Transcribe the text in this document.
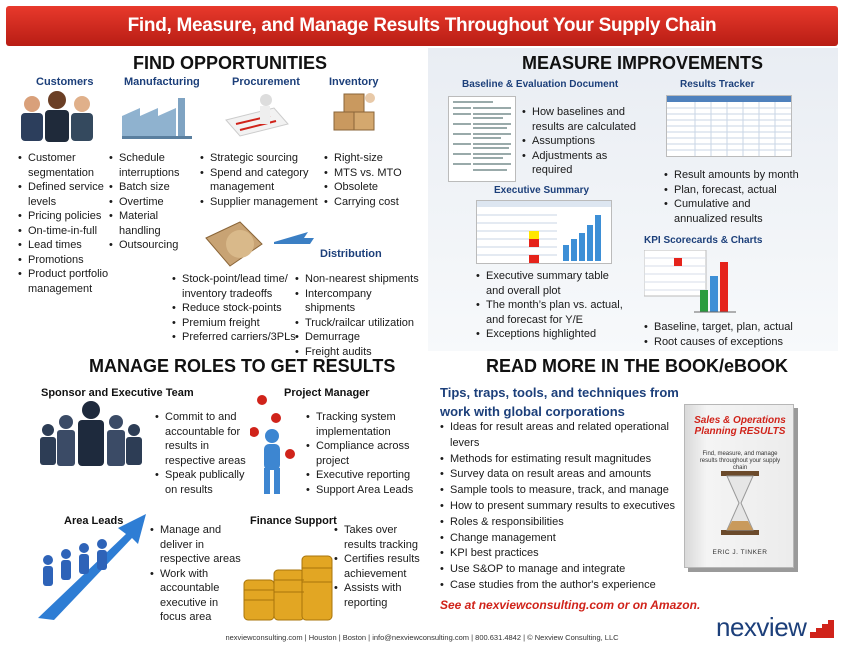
Find, Measure, and Manage Results Throughout Your Supply Chain
FIND OPPORTUNITIES
Customers
• Customer segmentation
• Defined service levels
• Pricing policies
• On-time-in-full
• Lead times
• Promotions
• Product portfolio management
Manufacturing
• Schedule interruptions
• Batch size
• Overtime
• Material handling
• Outsourcing
Procurement
• Strategic sourcing
• Spend and category management
• Supplier management
Inventory
• Right-size
• MTS vs. MTO
• Obsolete
• Carrying cost
Distribution
• Stock-point/lead time/ inventory tradeoffs
• Reduce stock-points
• Premium freight
• Preferred carriers/3PLs
• Non-nearest shipments
• Intercompany shipments
• Truck/railcar utilization
• Demurrage
• Freight audits
MEASURE IMPROVEMENTS
Baseline & Evaluation Document
• How baselines and results are calculated
• Assumptions
• Adjustments as required
Results Tracker
• Result amounts by month
• Plan, forecast, actual
• Cumulative and annualized results
Executive Summary
• Executive summary table and overall plot
• The month’s plan vs. actual, and forecast for Y/E
• Exceptions highlighted
KPI Scorecards & Charts
• Baseline, target, plan, actual
• Root causes of exceptions
MANAGE ROLES TO GET RESULTS
Sponsor and Executive Team
• Commit to and accountable for results in respective areas
• Speak publically on results
Project Manager
• Tracking system implementation
• Compliance across project
• Executive reporting
• Support Area Leads
Area Leads
• Manage and deliver in respective areas
• Work with accountable executive in focus area
Finance Support
• Takes over results tracking
• Certifies results achievement
• Assists with reporting
READ MORE IN THE BOOK/eBOOK
Tips, traps, tools, and techniques from work with global corporations
• Ideas for result areas and related operational levers
• Methods for estimating result magnitudes
• Survey data on result areas and amounts
• Sample tools to measure, track, and manage
• How to present summary results to executives
• Roles & responsibilities
• Change management
• KPI best practices
• Use S&OP to manage and integrate
• Case studies from the author's experience
See at nexviewconsulting.com or on Amazon.
Sales & Operations Planning RESULTS
Find, measure, and manage results throughout your supply chain
ERIC J. TINKER
nexview
nexviewconsulting.com | Houston | Boston | info@nexviewconsulting.com | 800.631.4842 | © Nexview Consulting, LLC
